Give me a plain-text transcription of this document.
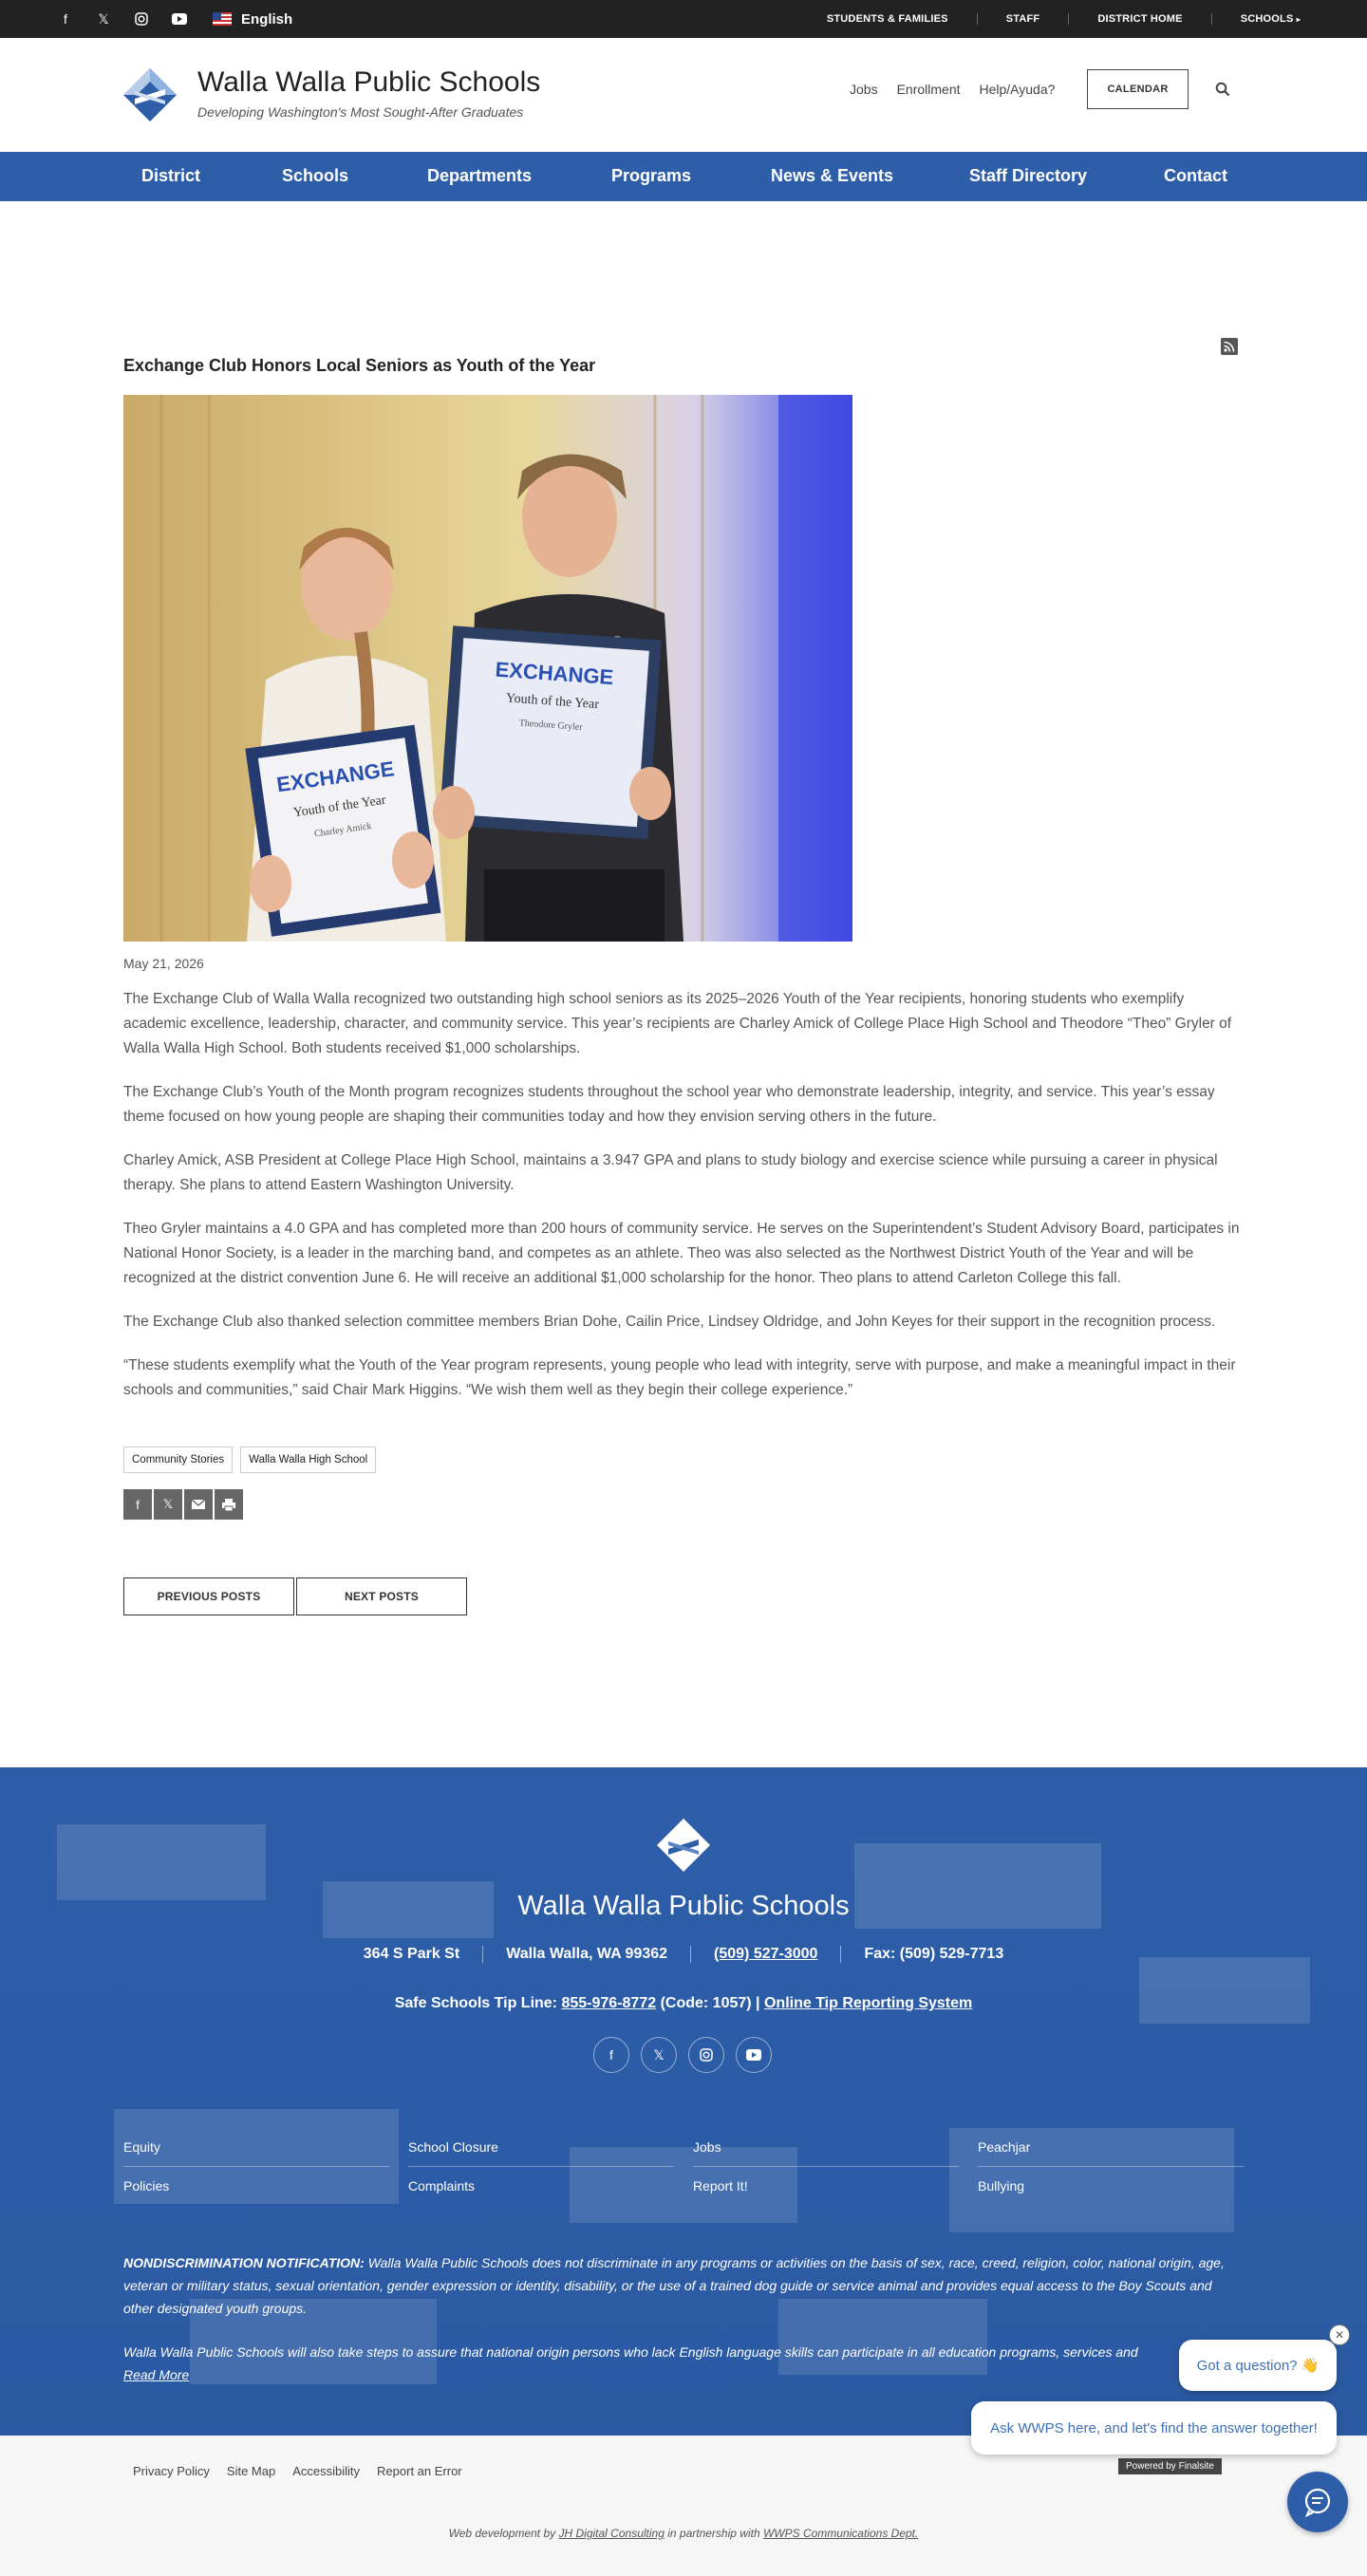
f	𝕏	English	STUDENTS & FAMILIES	STAFF	DISTRICT HOME	SCHOOLS ▸
Walla Walla Public Schools
Developing Washington's Most Sought-After Graduates
Jobs Enrollment Help/Ayuda?	CALENDAR
District	Schools	Departments	Programs	News & Events	Staff Directory	Contact
Exchange Club Honors Local Seniors as Youth of the Year
EXCHANGE
Youth of the Year
Charley Amick
EXCHANGE
Youth of the Year
Theodore Gryler
May 21, 2026

The Exchange Club of Walla Walla recognized two outstanding high school seniors as its 2025–2026 Youth of the Year recipients, honoring students who exemplify academic excellence, leadership, character, and community service. This year’s recipients are Charley Amick of College Place High School and Theodore “Theo” Gryler of Walla Walla High School. Both students received $1,000 scholarships.

The Exchange Club’s Youth of the Month program recognizes students throughout the school year who demonstrate leadership, integrity, and service. This year’s essay theme focused on how young people are shaping their communities today and how they envision serving others in the future.

Charley Amick, ASB President at College Place High School, maintains a 3.947 GPA and plans to study biology and exercise science while pursuing a career in physical therapy. She plans to attend Eastern Washington University.

Theo Gryler maintains a 4.0 GPA and has completed more than 200 hours of community service. He serves on the Superintendent’s Student Advisory Board, participates in National Honor Society, is a leader in the marching band, and competes as an athlete. Theo was also selected as the Northwest District Youth of the Year and will be recognized at the district convention June 6. He will receive an additional $1,000 scholarship for the honor. Theo plans to attend Carleton College this fall.

The Exchange Club also thanked selection committee members Brian Dohe, Cailin Price, Lindsey Oldridge, and John Keyes for their support in the recognition process.

“These students exemplify what the Youth of the Year program represents, young people who lead with integrity, serve with purpose, and make a meaningful impact in their schools and communities,” said Chair Mark Higgins. “We wish them well as they begin their college experience.”

Community Stories	Walla Walla High School
f	𝕏
PREVIOUS POSTS	NEXT POSTS
Walla Walla Public Schools
364 S Park St	Walla Walla, WA 99362	(509) 527-3000	Fax: (509) 529-7713
Safe Schools Tip Line: 855-976-8772 (Code: 1057) | Online Tip Reporting System
f	𝕏
Equity	School Closure	Jobs	Peachjar
Policies	Complaints	Report It!	Bullying

NONDISCRIMINATION NOTIFICATION: Walla Walla Public Schools does not discriminate in any programs or activities on the basis of sex, race, creed, religion, color, national origin, age, veteran or military status, sexual orientation, gender expression or identity, disability, or the use of a trained dog guide or service animal and provides equal access to the Boy Scouts and other designated youth groups.

Walla Walla Public Schools will also take steps to assure that national origin persons who lack English language skills can participate in all education programs, services and
Read More

Privacy Policy Site Map Accessibility Report an Error	Powered by Finalsite
Web development by JH Digital Consulting in partnership with WWPS Communications Dept.
Got a question? 👋
✕
Ask WWPS here, and let's find the answer together!
